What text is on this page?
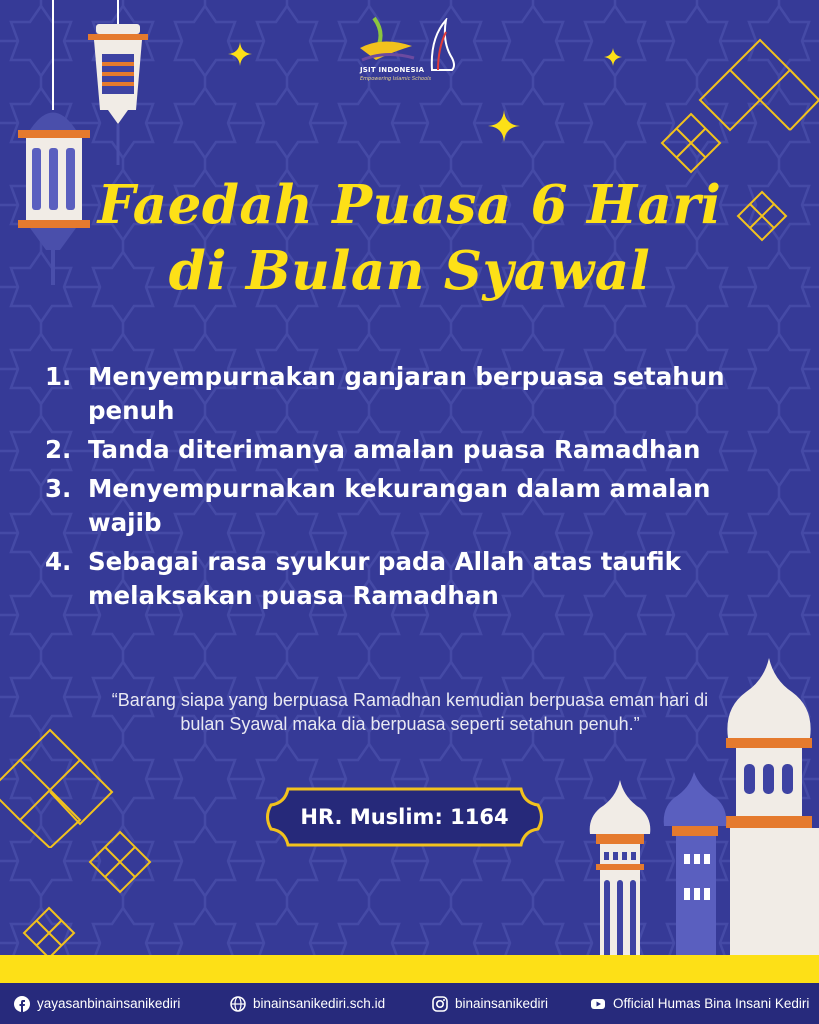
JSIT INDONESIA
Empowering Islamic Schools
Faedah Puasa 6 Hari
di Bulan Syawal
1. Menyempurnakan ganjaran berpuasa setahun penuh
2. Tanda diterimanya amalan puasa Ramadhan
3. Menyempurnakan kekurangan dalam amalan wajib
4. Sebagai rasa syukur pada Allah atas taufik melaksakan puasa Ramadhan
“Barang siapa yang berpuasa Ramadhan kemudian berpuasa eman hari di bulan Syawal maka dia berpuasa seperti setahun penuh.”
HR. Muslim: 1164
yayasanbinainsanikediri	binainsanikediri.sch.id	binainsanikediri	Official Humas Bina Insani Kediri
